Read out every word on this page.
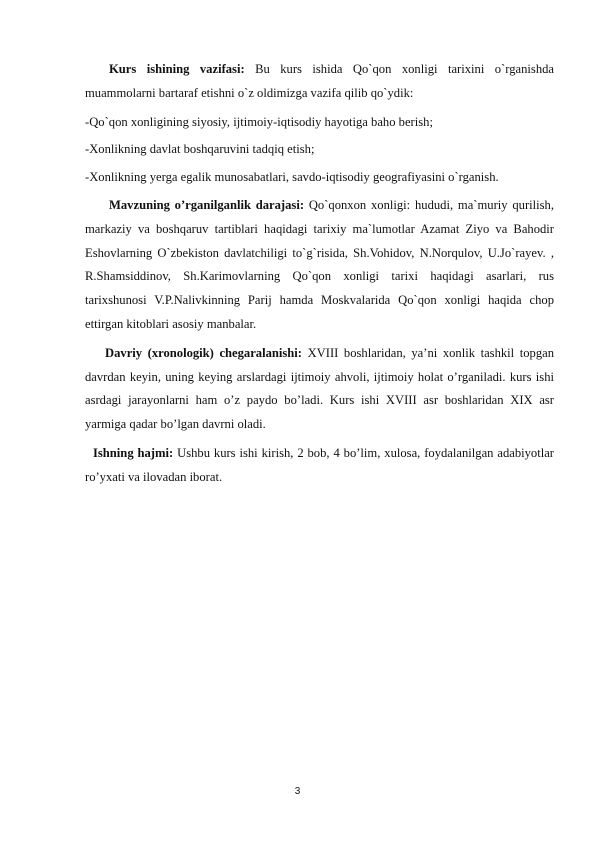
Kurs ishining vazifasi: Bu kurs ishida Qo`qon xonligi tarixini o`rganishda muammolarni bartaraf etishni o`z oldimizga vazifa qilib qo`ydik:

-Qo`qon xonligining siyosiy, ijtimoiy-iqtisodiy hayotiga baho berish;

-Xonlikning davlat boshqaruvini tadqiq etish;

-Xonlikning yerga egalik munosabatlari, savdo-iqtisodiy geografiyasini o`rganish.

Mavzuning o’rganilganlik darajasi: Qo`qonxon xonligi: hududi, ma`muriy qurilish, markaziy va boshqaruv tartiblari haqidagi tarixiy ma`lumotlar Azamat Ziyo va Bahodir Eshovlarning O`zbekiston davlatchiligi to`g`risida, Sh.Vohidov, N.Norqulov, U.Jo`rayev. , R.Shamsiddinov, Sh.Karimovlarning Qo`qon xonligi tarixi haqidagi asarlari, rus tarixshunosi V.P.Nalivkinning Parij hamda Moskvalarida Qo`qon xonligi haqida chop ettirgan kitoblari asosiy manbalar.

Davriy (xronologik) chegaralanishi: XVIII boshlaridan, ya’ni xonlik tashkil topgan davrdan keyin, uning keying arslardagi ijtimoiy ahvoli, ijtimoiy holat o’rganiladi. kurs ishi asrdagi jarayonlarni ham o’z paydo bo’ladi. Kurs ishi XVIII asr boshlaridan XIX asr yarmiga qadar bo’lgan davrni oladi.

Ishning hajmi: Ushbu kurs ishi kirish, 2 bob, 4 bo’lim, xulosa, foydalanilgan adabiyotlar ro’yxati va ilovadan iborat.

3
